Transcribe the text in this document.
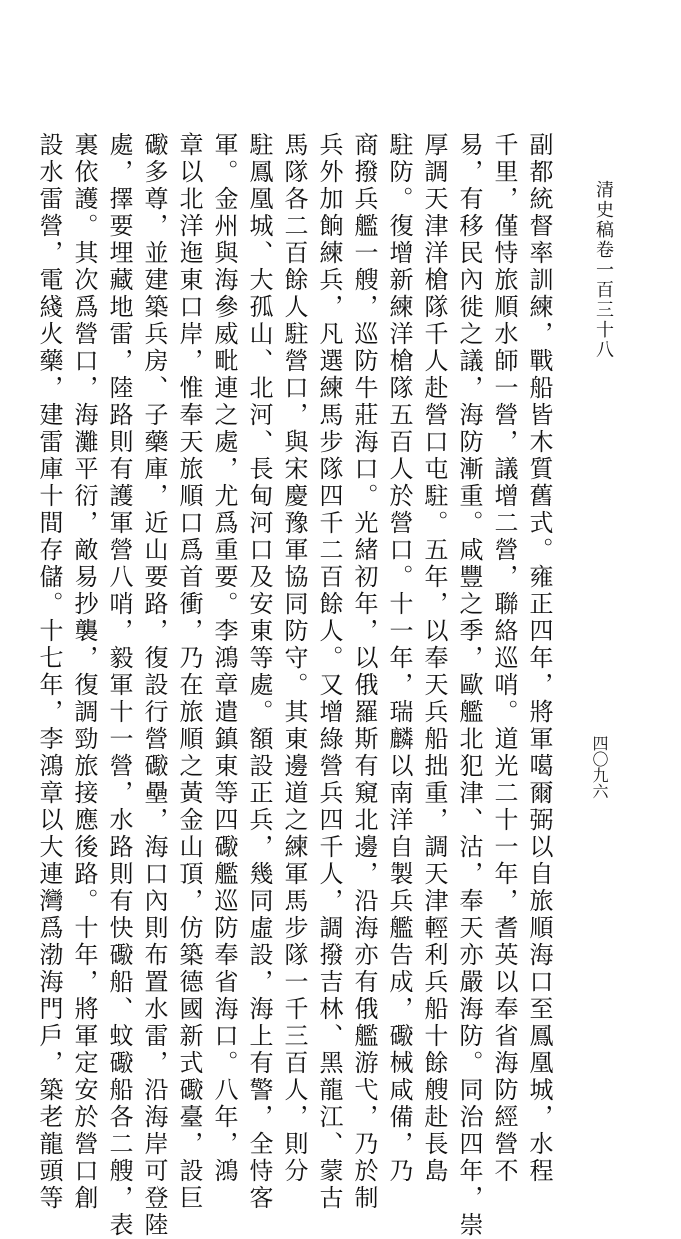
清史稿卷一百三十八
四〇九六
副都統督率訓練，戰船皆木質舊式。雍正四年，將軍噶爾弼以自旅順海口至鳳凰城，水程
千里，僅恃旅順水師一營，議增二營，聯絡巡哨。道光二十一年，耆英以奉省海防經營不
易，有移民內徙之議，海防漸重。咸豐之季，歐艦北犯津、沽，奉天亦嚴海防。同治四年，崇
厚調天津洋槍隊千人赴營口屯駐。五年，以奉天兵船拙重，調天津輕利兵船十餘艘赴長島
駐防。復增新練洋槍隊五百人於營口。十一年，瑞麟以南洋自製兵艦告成，礮械咸備，乃
商撥兵艦一艘，巡防牛莊海口。光緒初年，以俄羅斯有窺北邊，沿海亦有俄艦游弋，乃於制
兵外加餉練兵，凡選練馬步隊四千二百餘人。又增綠營兵四千人，調撥吉林、黑龍江、蒙古
馬隊各二百餘人駐營口，與宋慶豫軍協同防守。其東邊道之練軍馬步隊一千三百人，則分
駐鳳凰城、大孤山、北河、長甸河口及安東等處。額設正兵，幾同虛設，海上有警，全恃客
軍。金州與海參威毗連之處，尤爲重要。李鴻章遣鎮東等四礮艦巡防奉省海口。八年，鴻
章以北洋迤東口岸，惟奉天旅順口爲首衝，乃在旅順之黃金山頂，仿築德國新式礮臺，設巨
礮多尊，並建築兵房、子藥庫，近山要路，復設行營礮壘，海口內則布置水雷，沿海岸可登陸
處，擇要埋藏地雷，陸路則有護軍營八哨，毅軍十一營，水路則有快礮船、蚊礮船各二艘，表
裏依護。其次爲營口，海灘平衍，敵易抄襲，復調勁旅接應後路。十年，將軍定安於營口創
設水雷營，電綫火藥，建雷庫十間存儲。十七年，李鴻章以大連灣爲渤海門戶，築老龍頭等
